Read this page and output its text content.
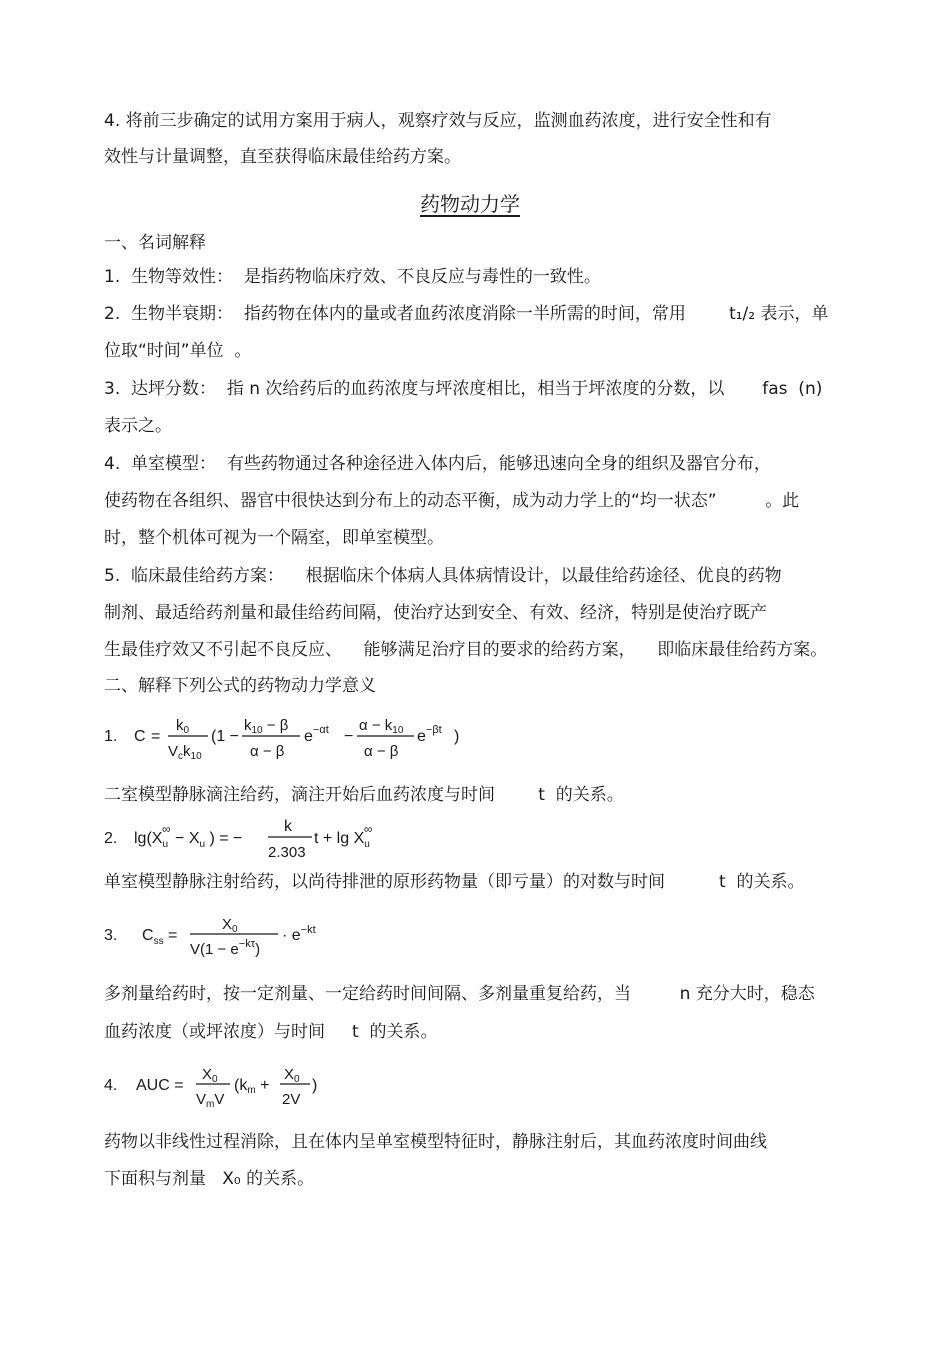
4. 将前三步确定的试用方案用于病人，观察疗效与反应，监测血药浓度，进行安全性和有
效性与计量调整，直至获得临床最佳给药方案。
药物动力学
一、名词解释
1.  生物等效性：  是指药物临床疗效、不良反应与毒性的一致性。
2.  生物半衰期：  指药物在体内的量或者血药浓度消除一半所需的时间，常用        t₁/₂ 表示，单
位取“时间”单位  。
3.  达坪分数：  指 n 次给药后的血药浓度与坪浓度相比，相当于坪浓度的分数，以       fas  (n)
表示之。
4.  单室模型：  有些药物通过各种途径进入体内后，能够迅速向全身的组织及器官分布，
使药物在各组织、器官中很快达到分布上的动态平衡，成为动力学上的“均一状态”         。此
时，整个机体可视为一个隔室，即单室模型。
5.  临床最佳给药方案：    根据临床个体病人具体病情设计，以最佳给药途径、优良的药物
制剂、最适给药剂量和最佳给药间隔，使治疗达到安全、有效、经济，特别是使治疗既产
生最佳疗效又不引起不良反应、    能够满足治疗目的要求的给药方案，    即临床最佳给药方案。
二、解释下列公式的药物动力学意义
1. C =
$k_0$
$V_ck_{10}$
(1 −
$k_{10} - \beta$
α − β
$e^{-\alpha t}$ −
$\alpha - k_{10}$
α − β
$e^{-\beta t}$ )
二室模型静脉滴注给药，滴注开始后血药浓度与时间        t  的关系。
2. $\lg(X_u\infty - X_u$ ) = −
k
2.303
$t + \lg X_u\infty$
单室模型静脉注射给药，以尚待排泄的原形药物量（即亏量）的对数与时间          t  的关系。
3. $C_{ss}$ =
$X_0$
$V(1 - e^{-k\tau})$
· $e^{-kt}$
多剂量给药时，按一定剂量、一定给药时间间隔、多剂量重复给药，当         n 充分大时，稳态
血药浓度（或坪浓度）与时间     t  的关系。
4. AUC =
$X_0$
$V_mV$
(km +
$X_0$
2V
)
药物以非线性过程消除，且在体内呈单室模型特征时，静脉注射后，其血药浓度时间曲线
下面积与剂量   X₀ 的关系。
